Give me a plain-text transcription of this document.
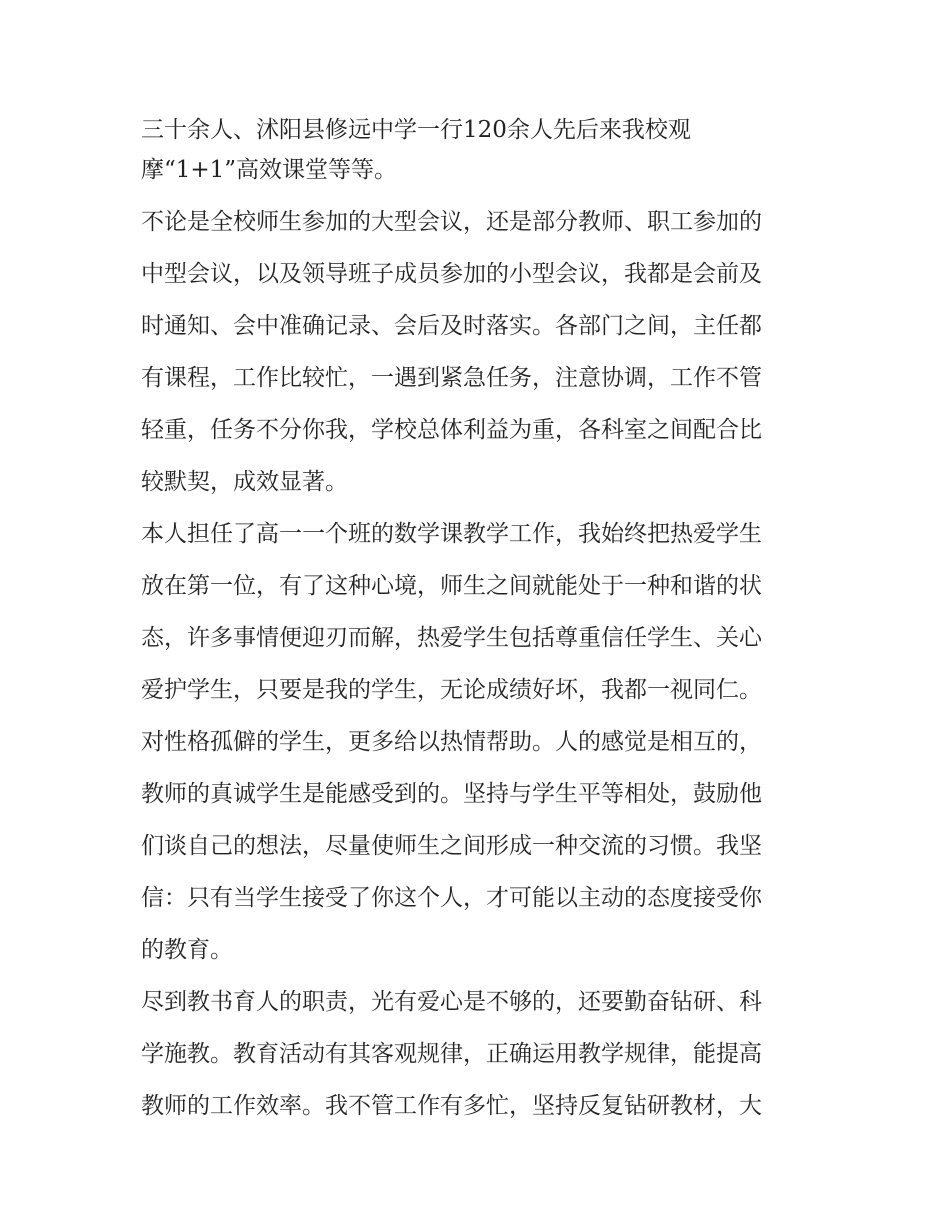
三十余人、沭阳县修远中学一行120余人先后来我校观
摩“1+1”高效课堂等等。
不论是全校师生参加的大型会议，还是部分教师、职工参加的
中型会议，以及领导班子成员参加的小型会议，我都是会前及
时通知、会中准确记录、会后及时落实。各部门之间，主任都
有课程，工作比较忙，一遇到紧急任务，注意协调，工作不管
轻重，任务不分你我，学校总体利益为重，各科室之间配合比
较默契，成效显著。
本人担任了高一一个班的数学课教学工作，我始终把热爱学生
放在第一位，有了这种心境，师生之间就能处于一种和谐的状
态，许多事情便迎刃而解，热爱学生包括尊重信任学生、关心
爱护学生，只要是我的学生，无论成绩好坏，我都一视同仁。
对性格孤僻的学生，更多给以热情帮助。人的感觉是相互的，
教师的真诚学生是能感受到的。坚持与学生平等相处，鼓励他
们谈自己的想法，尽量使师生之间形成一种交流的习惯。我坚
信：只有当学生接受了你这个人，才可能以主动的态度接受你
的教育。
尽到教书育人的职责，光有爱心是不够的，还要勤奋钻研、科
学施教。教育活动有其客观规律，正确运用教学规律，能提高
教师的工作效率。我不管工作有多忙，坚持反复钻研教材，大
